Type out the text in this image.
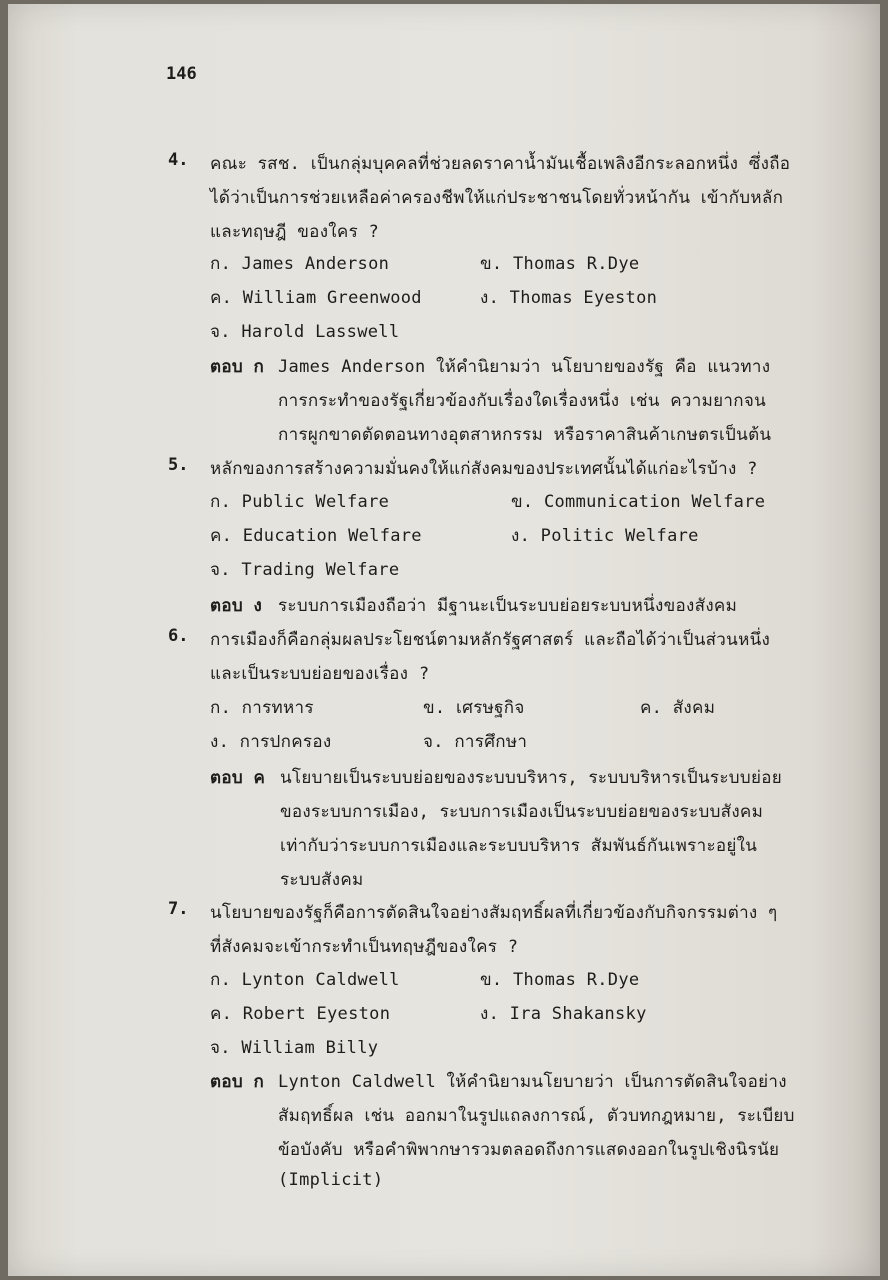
146
4. คณะ รสช. เป็นกลุ่มบุคคลที่ช่วยลดราคาน้ำมันเชื้อเพลิงอีกระลอกหนึ่ง ซึ่งถือ
ได้ว่าเป็นการช่วยเหลือค่าครองชีพให้แก่ประชาชนโดยทั่วหน้ากัน เข้ากับหลัก
และทฤษฎี ของใคร ?
ก. James Anderson	ข. Thomas R.Dye
ค. William Greenwood	ง. Thomas Eyeston
จ. Harold Lasswell
ตอบ ก James Anderson ให้คำนิยามว่า นโยบายของรัฐ คือ แนวทาง
การกระทำของรัฐเกี่ยวข้องกับเรื่องใดเรื่องหนึ่ง เช่น ความยากจน
การผูกขาดตัดตอนทางอุตสาหกรรม หรือราคาสินค้าเกษตรเป็นต้น
5. หลักของการสร้างความมั่นคงให้แก่สังคมของประเทศนั้นได้แก่อะไรบ้าง ?
ก. Public Welfare	ข. Communication Welfare
ค. Education Welfare	ง. Politic Welfare
จ. Trading Welfare
ตอบ ง ระบบการเมืองถือว่า มีฐานะเป็นระบบย่อยระบบหนึ่งของสังคม
6. การเมืองก็คือกลุ่มผลประโยชน์ตามหลักรัฐศาสตร์ และถือได้ว่าเป็นส่วนหนึ่ง
และเป็นระบบย่อยของเรื่อง ?
ก. การทหาร	ข. เศรษฐกิจ	ค. สังคม
ง. การปกครอง	จ. การศึกษา
ตอบ ค นโยบายเป็นระบบย่อยของระบบบริหาร, ระบบบริหารเป็นระบบย่อย
ของระบบการเมือง, ระบบการเมืองเป็นระบบย่อยของระบบสังคม
เท่ากับว่าระบบการเมืองและระบบบริหาร สัมพันธ์กันเพราะอยู่ใน
ระบบสังคม
7. นโยบายของรัฐก็คือการตัดสินใจอย่างสัมฤทธิ์ผลที่เกี่ยวข้องกับกิจกรรมต่าง ๆ
ที่สังคมจะเข้ากระทำเป็นทฤษฎีของใคร ?
ก. Lynton Caldwell	ข. Thomas R.Dye
ค. Robert Eyeston	ง. Ira Shakansky
จ. William Billy
ตอบ ก Lynton Caldwell ให้คำนิยามนโยบายว่า เป็นการตัดสินใจอย่าง
สัมฤทธิ์ผล เช่น ออกมาในรูปแถลงการณ์, ตัวบทกฎหมาย, ระเบียบ
ข้อบังคับ หรือคำพิพากษารวมตลอดถึงการแสดงออกในรูปเชิงนิรนัย
(Implicit)
